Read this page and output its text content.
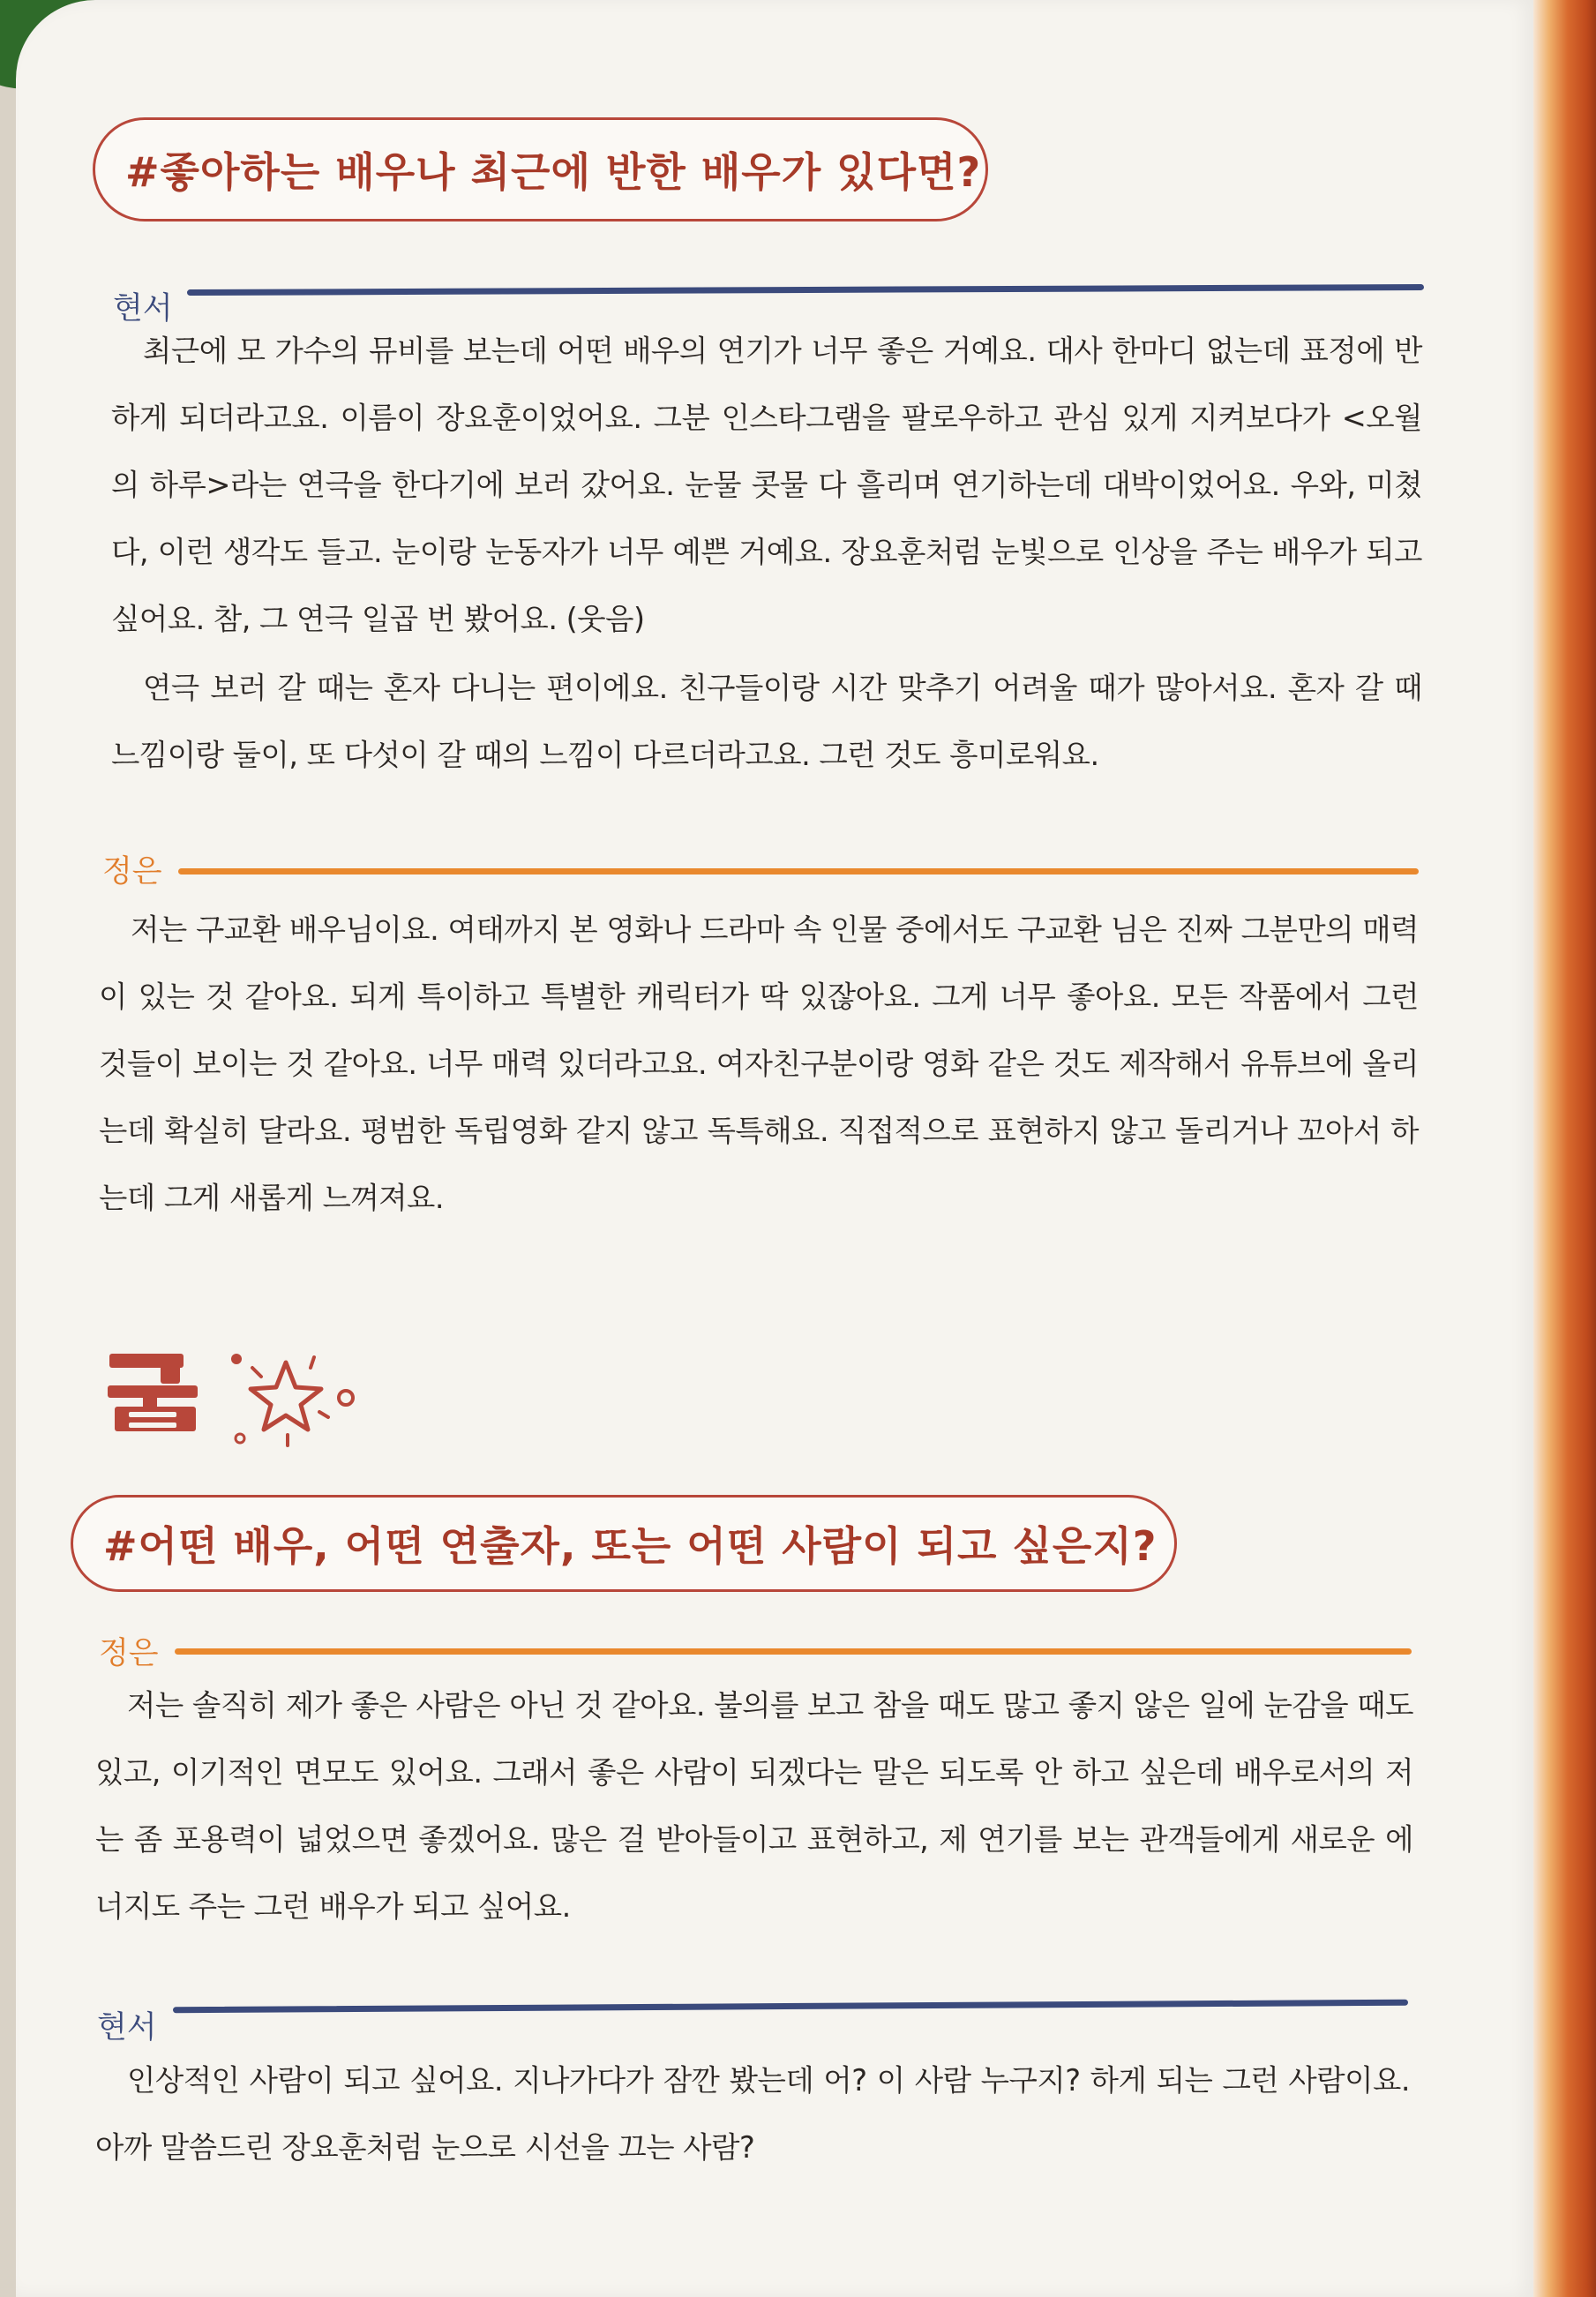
#좋아하는 배우나 최근에 반한 배우가 있다면?
현서

최근에 모 가수의 뮤비를 보는데 어떤 배우의 연기가 너무 좋은 거예요. 대사 한마디 없는데 표정에 반하게 되더라고요. 이름이 장요훈이었어요. 그분 인스타그램을 팔로우하고 관심 있게 지켜보다가 <오월의 하루>라는 연극을 한다기에 보러 갔어요. 눈물 콧물 다 흘리며 연기하는데 대박이었어요. 우와, 미쳤다, 이런 생각도 들고. 눈이랑 눈동자가 너무 예쁜 거예요. 장요훈처럼 눈빛으로 인상을 주는 배우가 되고 싶어요. 참, 그 연극 일곱 번 봤어요. (웃음)

연극 보러 갈 때는 혼자 다니는 편이에요. 친구들이랑 시간 맞추기 어려울 때가 많아서요. 혼자 갈 때 느낌이랑 둘이, 또 다섯이 갈 때의 느낌이 다르더라고요. 그런 것도 흥미로워요.

정은

저는 구교환 배우님이요. 여태까지 본 영화나 드라마 속 인물 중에서도 구교환 님은 진짜 그분만의 매력이 있는 것 같아요. 되게 특이하고 특별한 캐릭터가 딱 있잖아요. 그게 너무 좋아요. 모든 작품에서 그런 것들이 보이는 것 같아요. 너무 매력 있더라고요. 여자친구분이랑 영화 같은 것도 제작해서 유튜브에 올리는데 확실히 달라요. 평범한 독립영화 같지 않고 독특해요. 직접적으로 표현하지 않고 돌리거나 꼬아서 하는데 그게 새롭게 느껴져요.

#어떤 배우, 어떤 연출자, 또는 어떤 사람이 되고 싶은지?
정은

저는 솔직히 제가 좋은 사람은 아닌 것 같아요. 불의를 보고 참을 때도 많고 좋지 않은 일에 눈감을 때도 있고, 이기적인 면모도 있어요. 그래서 좋은 사람이 되겠다는 말은 되도록 안 하고 싶은데 배우로서의 저는 좀 포용력이 넓었으면 좋겠어요. 많은 걸 받아들이고 표현하고, 제 연기를 보는 관객들에게 새로운 에너지도 주는 그런 배우가 되고 싶어요.

현서

인상적인 사람이 되고 싶어요. 지나가다가 잠깐 봤는데 어? 이 사람 누구지? 하게 되는 그런 사람이요. 아까 말씀드린 장요훈처럼 눈으로 시선을 끄는 사람?
